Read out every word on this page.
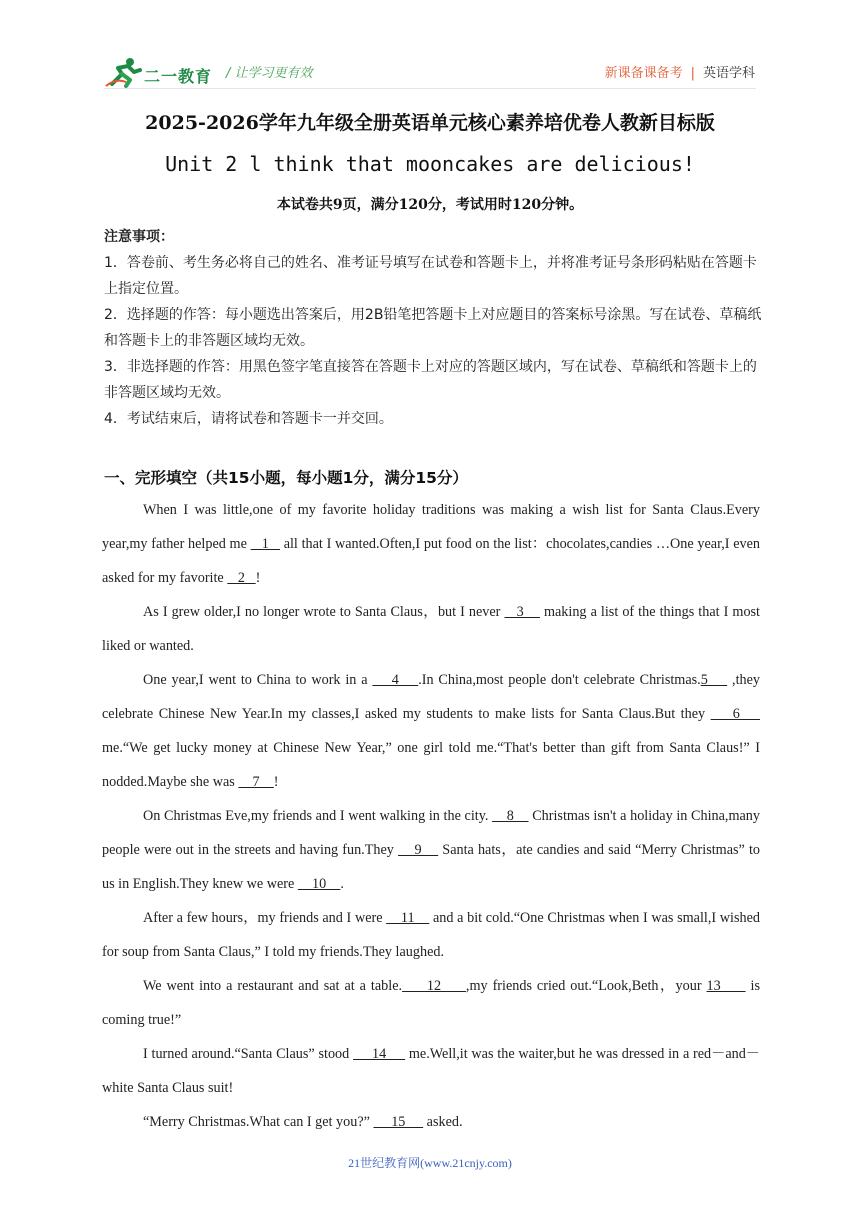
二一教育 / 让学习更有效	新课备课备考 | 英语学科
2025-2026学年九年级全册英语单元核心素养培优卷人教新目标版
Unit 2 l think that mooncakes are delicious!
本试卷共9页，满分120分，考试用时120分钟。

注意事项：

1．答卷前、考生务必将自己的姓名、准考证号填写在试卷和答题卡上，并将准考证号条形码粘贴在答题卡上指定位置。

2．选择题的作答：每小题选出答案后，用2B铅笔把答题卡上对应题目的答案标号涂黑。写在试卷、草稿纸和答题卡上的非答题区域均无效。

3．非选择题的作答：用黑色签字笔直接答在答题卡上对应的答题区域内，写在试卷、草稿纸和答题卡上的非答题区域均无效。

4．考试结束后，请将试卷和答题卡一并交回。

一、完形填空（共15小题，每小题1分，满分15分）

When I was little,one of my favorite holiday traditions was making a wish list for Santa Claus.Every year,my father helped me    1    all that I wanted.Often,I put food on the list：chocolates,candies …One year,I even asked for my favorite    2   !

As I grew older,I no longer wrote to Santa Claus，but I never    3     making a list of the things that I most liked or wanted.

One year,I went to China to work in a     4    .In China,most people don't celebrate Christmas.5     ,they celebrate Chinese New Year.In my classes,I asked my students to make lists for Santa Claus.But they     6     me.“We get lucky money at Chinese New Year,” one girl told me.“That's better than gift from Santa Claus!” I nodded.Maybe she was     7    !

On Christmas Eve,my friends and I went walking in the city.     8     Christmas isn't a holiday in China,many people were out in the streets and having fun.They     9     Santa hats，ate candies and said “Merry Christmas” to us in English.They knew we were     10    .

After a few hours，my friends and I were     11     and a bit cold.“One Christmas when I was small,I wished for soup from Santa Claus,” I told my friends.They laughed.

We went into a restaurant and sat at a table.     12     ,my friends cried out.“Look,Beth，your 13      is coming true!”

I turned around.“Santa Claus” stood      14      me.Well,it was the waiter,but he was dressed in a red－and－white Santa Claus suit!

“Merry Christmas.What can I get you?”      15      asked.

21世纪教育网(www.21cnjy.com)
